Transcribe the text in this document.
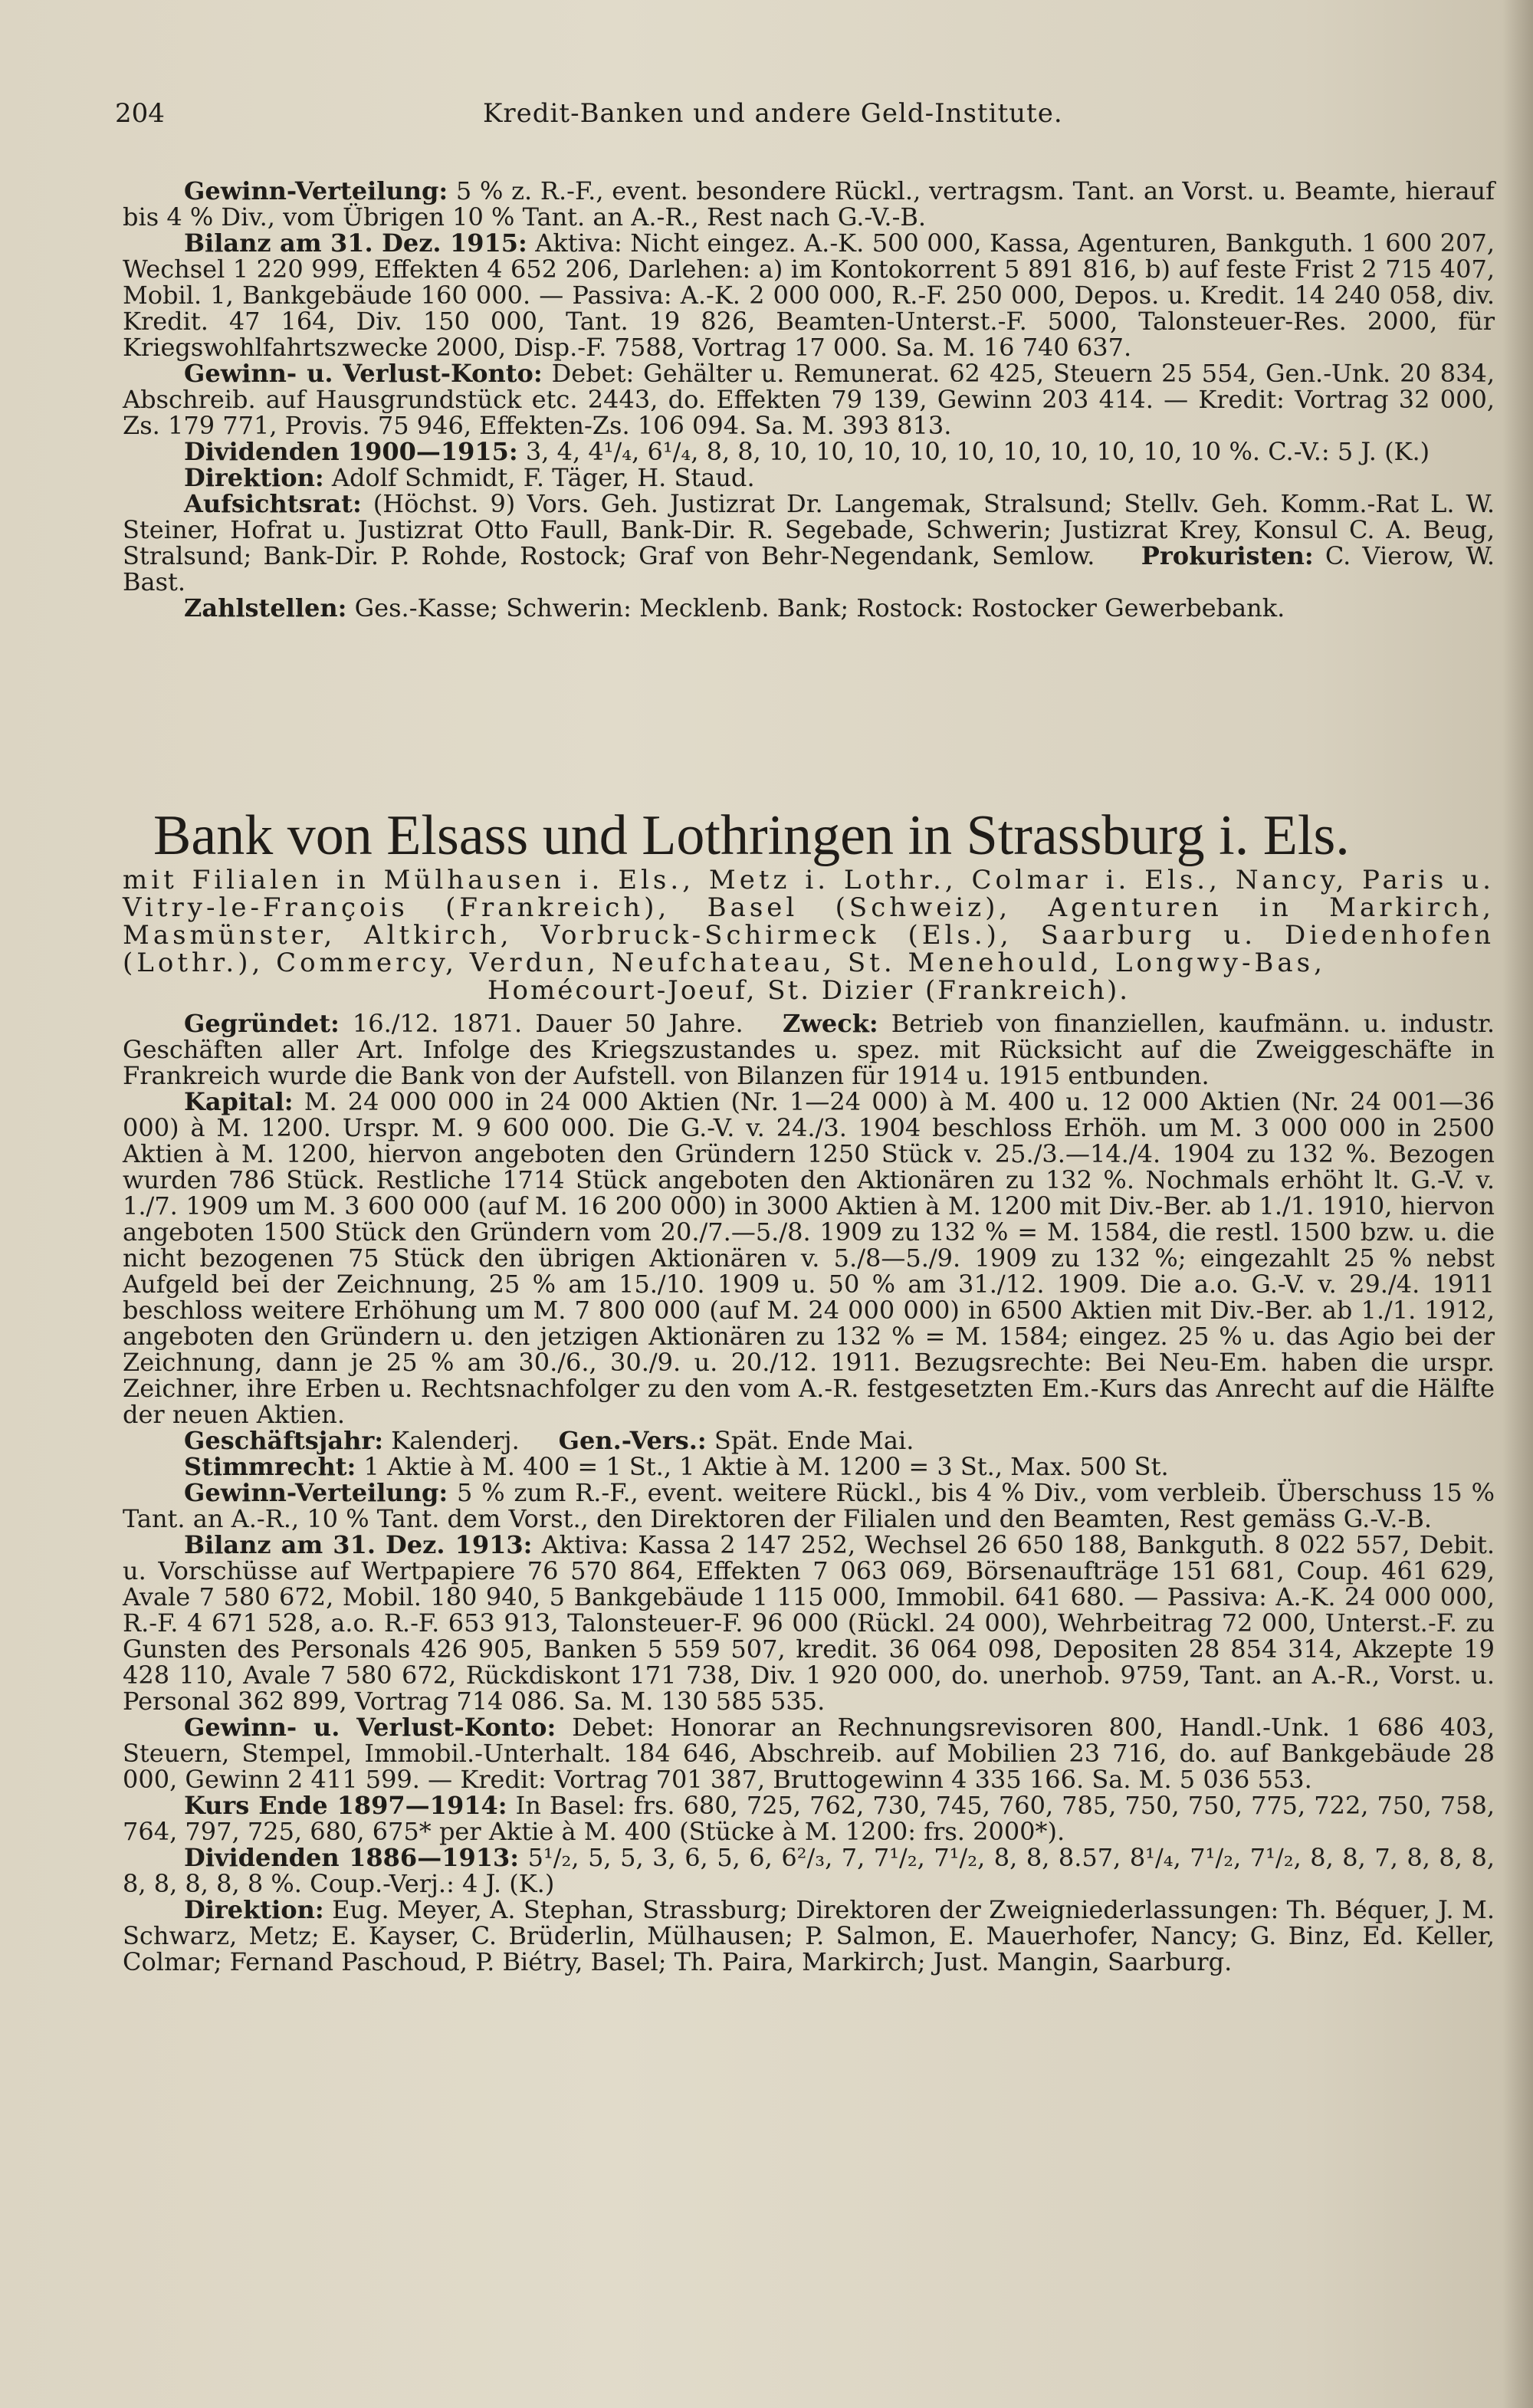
204	Kredit-Banken und andere Geld-Institute.

Gewinn-Verteilung: 5 % z. R.-F., event. besondere Rückl., vertragsm. Tant. an Vorst. u. Beamte, hierauf bis 4 % Div., vom Übrigen 10 % Tant. an A.-R., Rest nach G.-V.-B.

Bilanz am 31. Dez. 1915: Aktiva: Nicht eingez. A.-K. 500 000, Kassa, Agenturen, Bankguth. 1 600 207, Wechsel 1 220 999, Effekten 4 652 206, Darlehen: a) im Kontokorrent 5 891 816, b) auf feste Frist 2 715 407, Mobil. 1, Bankgebäude 160 000. — Passiva: A.-K. 2 000 000, R.-F. 250 000, Depos. u. Kredit. 14 240 058, div. Kredit. 47 164, Div. 150 000, Tant. 19 826, Beamten-Unterst.-F. 5000, Talonsteuer-Res. 2000, für Kriegswohlfahrtszwecke 2000, Disp.-F. 7588, Vortrag 17 000. Sa. M. 16 740 637.

Gewinn- u. Verlust-Konto: Debet: Gehälter u. Remunerat. 62 425, Steuern 25 554, Gen.-Unk. 20 834, Abschreib. auf Hausgrundstück etc. 2443, do. Effekten 79 139, Gewinn 203 414. — Kredit: Vortrag 32 000, Zs. 179 771, Provis. 75 946, Effekten-Zs. 106 094. Sa. M. 393 813.

Dividenden 1900—1915: 3, 4, 4¹/₄, 6¹/₄, 8, 8, 10, 10, 10, 10, 10, 10, 10, 10, 10, 10 %. C.-V.: 5 J. (K.)

Direktion: Adolf Schmidt, F. Täger, H. Staud.

Aufsichtsrat: (Höchst. 9) Vors. Geh. Justizrat Dr. Langemak, Stralsund; Stellv. Geh. Komm.-Rat L. W. Steiner, Hofrat u. Justizrat Otto Faull, Bank-Dir. R. Segebade, Schwerin; Justizrat Krey, Konsul C. A. Beug, Stralsund; Bank-Dir. P. Rohde, Rostock; Graf von Behr-Negendank, Semlow. Prokuristen: C. Vierow, W. Bast.

Zahlstellen: Ges.-Kasse; Schwerin: Mecklenb. Bank; Rostock: Rostocker Gewerbebank.

Bank von Elsass und Lothringen in Strassburg i. Els.
mit Filialen in Mülhausen i. Els., Metz i. Lothr., Colmar i. Els., Nancy, Paris u. Vitry-le-François (Frankreich), Basel (Schweiz), Agenturen in Markirch, Masmünster, Altkirch, Vorbruck-Schirmeck (Els.), Saarburg u. Diedenhofen (Lothr.), Commercy, Verdun, Neufchateau, St. Menehould, Longwy-Bas,
Homécourt-Joeuf, St. Dizier (Frankreich).

Gegründet: 16./12. 1871. Dauer 50 Jahre.   Zweck: Betrieb von finanziellen, kaufmänn. u. industr. Geschäften aller Art. Infolge des Kriegszustandes u. spez. mit Rücksicht auf die Zweiggeschäfte in Frankreich wurde die Bank von der Aufstell. von Bilanzen für 1914 u. 1915 entbunden.

Kapital: M. 24 000 000 in 24 000 Aktien (Nr. 1—24 000) à M. 400 u. 12 000 Aktien (Nr. 24 001—36 000) à M. 1200. Urspr. M. 9 600 000. Die G.-V. v. 24./3. 1904 beschloss Erhöh. um M. 3 000 000 in 2500 Aktien à M. 1200, hiervon angeboten den Gründern 1250 Stück v. 25./3.—14./4. 1904 zu 132 %. Bezogen wurden 786 Stück. Restliche 1714 Stück angeboten den Aktionären zu 132 %. Nochmals erhöht lt. G.-V. v. 1./7. 1909 um M. 3 600 000 (auf M. 16 200 000) in 3000 Aktien à M. 1200 mit Div.-Ber. ab 1./1. 1910, hiervon angeboten 1500 Stück den Gründern vom 20./7.—5./8. 1909 zu 132 % = M. 1584, die restl. 1500 bzw. u. die nicht bezogenen 75 Stück den übrigen Aktionären v. 5./8—5./9. 1909 zu 132 %; eingezahlt 25 % nebst Aufgeld bei der Zeichnung, 25 % am 15./10. 1909 u. 50 % am 31./12. 1909. Die a.o. G.-V. v. 29./4. 1911 beschloss weitere Erhöhung um M. 7 800 000 (auf M. 24 000 000) in 6500 Aktien mit Div.-Ber. ab 1./1. 1912, angeboten den Gründern u. den jetzigen Aktionären zu 132 % = M. 1584; eingez. 25 % u. das Agio bei der Zeichnung, dann je 25 % am 30./6., 30./9. u. 20./12. 1911. Bezugsrechte: Bei Neu-Em. haben die urspr. Zeichner, ihre Erben u. Rechtsnachfolger zu den vom A.-R. festgesetzten Em.-Kurs das Anrecht auf die Hälfte der neuen Aktien.

Geschäftsjahr: Kalenderj.     Gen.-Vers.: Spät. Ende Mai.

Stimmrecht: 1 Aktie à M. 400 = 1 St., 1 Aktie à M. 1200 = 3 St., Max. 500 St.

Gewinn-Verteilung: 5 % zum R.-F., event. weitere Rückl., bis 4 % Div., vom verbleib. Überschuss 15 % Tant. an A.-R., 10 % Tant. dem Vorst., den Direktoren der Filialen und den Beamten, Rest gemäss G.-V.-B.

Bilanz am 31. Dez. 1913: Aktiva: Kassa 2 147 252, Wechsel 26 650 188, Bankguth. 8 022 557, Debit. u. Vorschüsse auf Wertpapiere 76 570 864, Effekten 7 063 069, Börsenaufträge 151 681, Coup. 461 629, Avale 7 580 672, Mobil. 180 940, 5 Bankgebäude 1 115 000, Immobil. 641 680. — Passiva: A.-K. 24 000 000, R.-F. 4 671 528, a.o. R.-F. 653 913, Talonsteuer-F. 96 000 (Rückl. 24 000), Wehrbeitrag 72 000, Unterst.-F. zu Gunsten des Personals 426 905, Banken 5 559 507, kredit. 36 064 098, Depositen 28 854 314, Akzepte 19 428 110, Avale 7 580 672, Rückdiskont 171 738, Div. 1 920 000, do. unerhob. 9759, Tant. an A.-R., Vorst. u. Personal 362 899, Vortrag 714 086. Sa. M. 130 585 535.

Gewinn- u. Verlust-Konto: Debet: Honorar an Rechnungsrevisoren 800, Handl.-Unk. 1 686 403, Steuern, Stempel, Immobil.-Unterhalt. 184 646, Abschreib. auf Mobilien 23 716, do. auf Bankgebäude 28 000, Gewinn 2 411 599. — Kredit: Vortrag 701 387, Bruttogewinn 4 335 166. Sa. M. 5 036 553.

Kurs Ende 1897—1914: In Basel: frs. 680, 725, 762, 730, 745, 760, 785, 750, 750, 775, 722, 750, 758, 764, 797, 725, 680, 675* per Aktie à M. 400 (Stücke à M. 1200: frs. 2000*).

Dividenden 1886—1913: 5¹/₂, 5, 5, 3, 6, 5, 6, 6²/₃, 7, 7¹/₂, 7¹/₂, 8, 8, 8.57, 8¹/₄, 7¹/₂, 7¹/₂, 8, 8, 7, 8, 8, 8, 8, 8, 8, 8, 8 %. Coup.-Verj.: 4 J. (K.)

Direktion: Eug. Meyer, A. Stephan, Strassburg; Direktoren der Zweigniederlassungen: Th. Béquer, J. M. Schwarz, Metz; E. Kayser, C. Brüderlin, Mülhausen; P. Salmon, E. Mauerhofer, Nancy; G. Binz, Ed. Keller, Colmar; Fernand Paschoud, P. Biétry, Basel; Th. Paira, Markirch; Just. Mangin, Saarburg.
